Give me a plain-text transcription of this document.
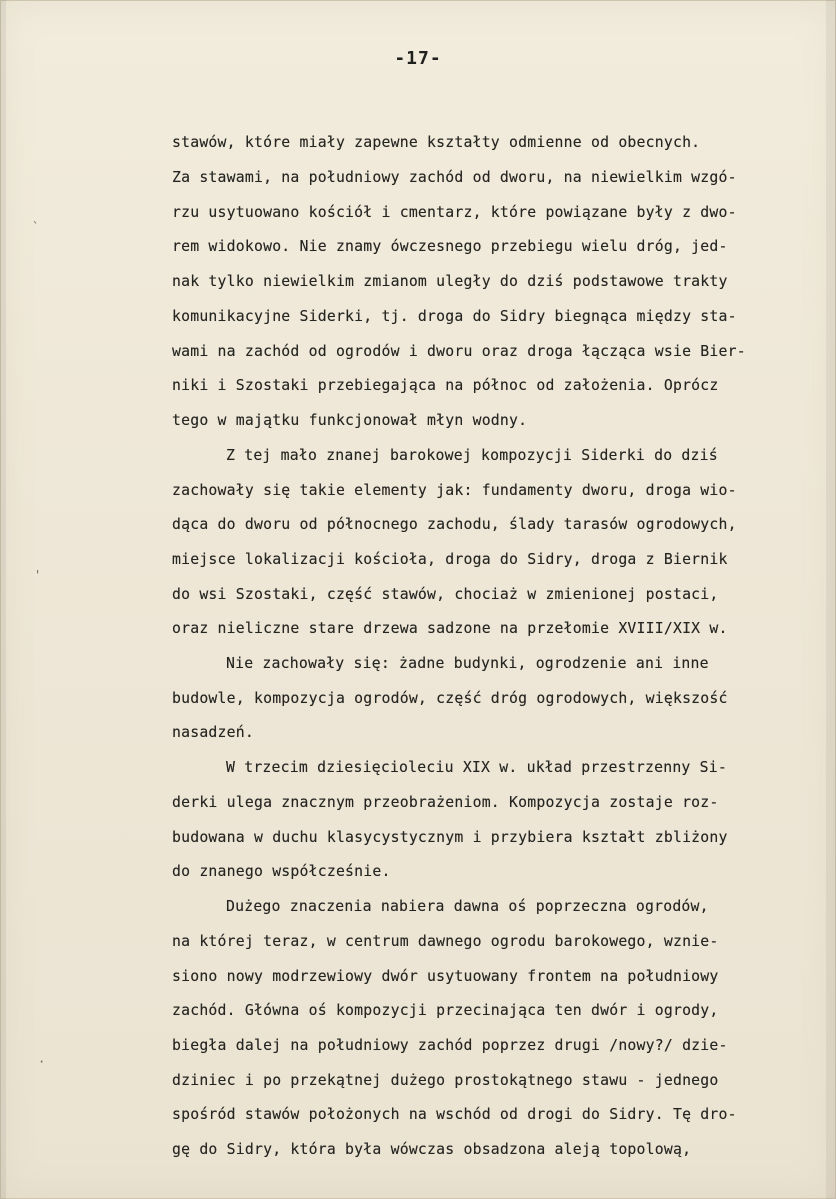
-17-
`
'
·
stawów, które miały zapewne kształty odmienne od obecnych.
Za stawami, na południowy zachód od dworu, na niewielkim wzgó-
rzu usytuowano kościół i cmentarz, które powiązane były z dwo-
rem widokowo. Nie znamy ówczesnego przebiegu wielu dróg, jed-
nak tylko niewielkim zmianom uległy do dziś podstawowe trakty
komunikacyjne Siderki, tj. droga do Sidry biegnąca między sta-
wami na zachód od ogrodów i dworu oraz droga łącząca wsie Bier-
niki i Szostaki przebiegająca na północ od założenia. Oprócz
tego w majątku funkcjonował młyn wodny.
Z tej mało znanej barokowej kompozycji Siderki do dziś
zachowały się takie elementy jak: fundamenty dworu, droga wio-
dąca do dworu od północnego zachodu, ślady tarasów ogrodowych,
miejsce lokalizacji kościoła, droga do Sidry, droga z Biernik
do wsi Szostaki, część stawów, chociaż w zmienionej postaci,
oraz nieliczne stare drzewa sadzone na przełomie XVIII/XIX w.
Nie zachowały się: żadne budynki, ogrodzenie ani inne
budowle, kompozycja ogrodów, część dróg ogrodowych, większość
nasadzeń.
W trzecim dziesięcioleciu XIX w. układ przestrzenny Si-
derki ulega znacznym przeobrażeniom. Kompozycja zostaje roz-
budowana w duchu klasycystycznym i przybiera kształt zbliżony
do znanego współcześnie.
Dużego znaczenia nabiera dawna oś poprzeczna ogrodów,
na której teraz, w centrum dawnego ogrodu barokowego, wznie-
siono nowy modrzewiowy dwór usytuowany frontem na południowy
zachód. Główna oś kompozycji przecinająca ten dwór i ogrody,
biegła dalej na południowy zachód poprzez drugi /nowy?/ dzie-
dziniec i po przekątnej dużego prostokątnego stawu - jednego
spośród stawów położonych na wschód od drogi do Sidry. Tę dro-
gę do Sidry, która była wówczas obsadzona aleją topolową,
